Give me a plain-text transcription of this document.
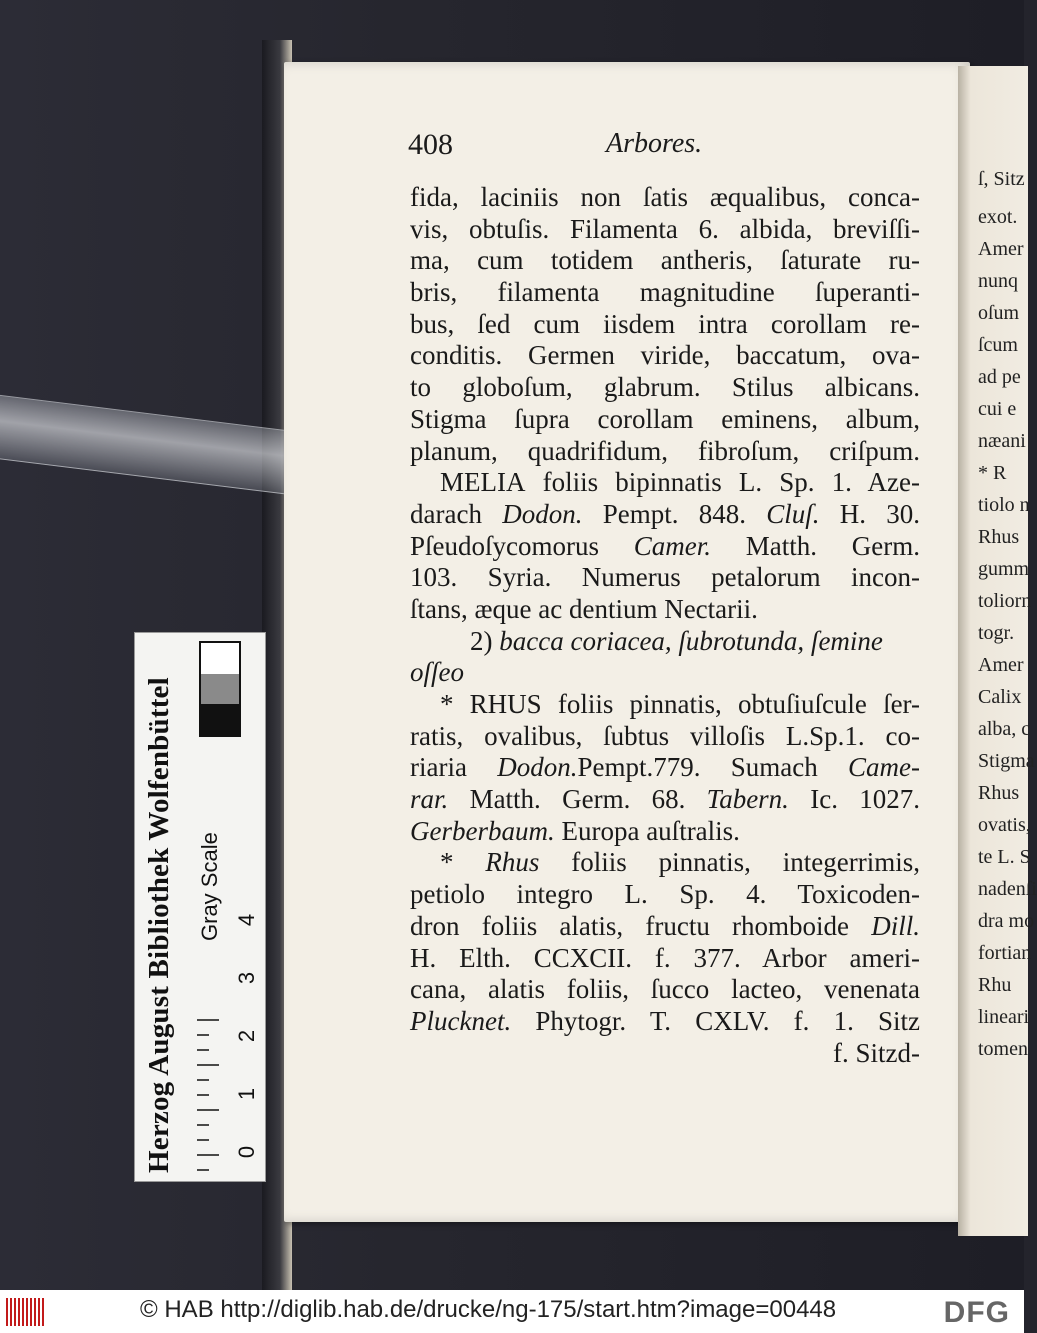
Herzog August Bibliothek Wolfenbüttel	Gray Scale
0
1
2
3
4
ſ, Sitz
exot.
Amer
nunq
oſum
ſcum
ad pe
cui e
næani
* R
tiolo n
Rhus
gumm
toliorn
togr.
Amer
Calix
alba, c
Stigma
Rhus
ovatis,
te L. S
nadenſi
dra mo
fortian
Rhu
lineari
tomen
408	Arbores.
fida, laciniis non ſatis æqualibus, conca-
vis, obtuſis. Filamenta 6. albida, breviſſi-
ma, cum totidem antheris, ſaturate ru-
bris, filamenta magnitudine ſuperanti-
bus, ſed cum iisdem intra corollam re-
conditis. Germen viride, baccatum, ova-
to globoſum, glabrum. Stilus albicans.
Stigma ſupra corollam eminens, album,
planum, quadrifidum, fibroſum, criſpum.
MELIA foliis bipinnatis L. Sp. 1. Aze-
darach Dodon. Pempt. 848. Cluſ. H. 30.
Pſeudoſycomorus Camer. Matth. Germ.
103. Syria. Numerus petalorum incon-
ſtans, æque ac dentium Nectarii.
2) bacca coriacea, ſubrotunda, ſemine
oſſeo
* RHUS foliis pinnatis, obtuſiuſcule ſer-
ratis, ovalibus, ſubtus villoſis L.Sp.1. co-
riaria Dodon.Pempt.779. Sumach Came-
rar. Matth. Germ. 68. Tabern. Ic. 1027.
Gerberbaum. Europa auſtralis.
* Rhus foliis pinnatis, integerrimis,
petiolo integro L. Sp. 4. Toxicoden-
dron foliis alatis, fructu rhomboide Dill.
H. Elth. CCXCII. f. 377. Arbor ameri-
cana, alatis foliis, ſucco lacteo, venenata
Plucknet. Phytogr. T. CXLV. f. 1. Sitz
f. Sitzd-
© HAB http://diglib.hab.de/drucke/ng-175/start.htm?image=00448	DFG
